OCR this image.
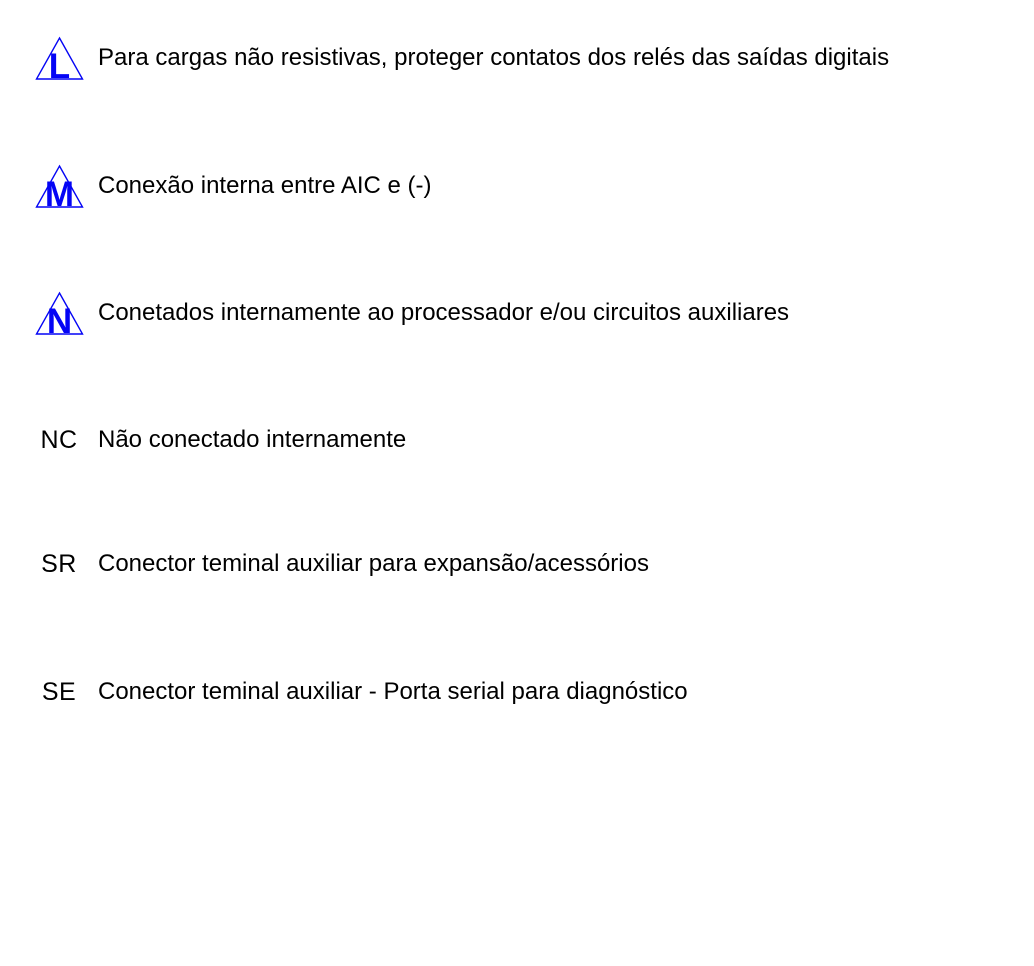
L Para cargas não resistivas, proteger contatos dos relés das saídas digitais
M Conexão interna entre AIC e (-)
N Conetados internamente ao processador e/ou circuitos auxiliares
NC Não conectado internamente
SR Conector teminal auxiliar para expansão/acessórios
SE Conector teminal auxiliar - Porta serial para diagnóstico
